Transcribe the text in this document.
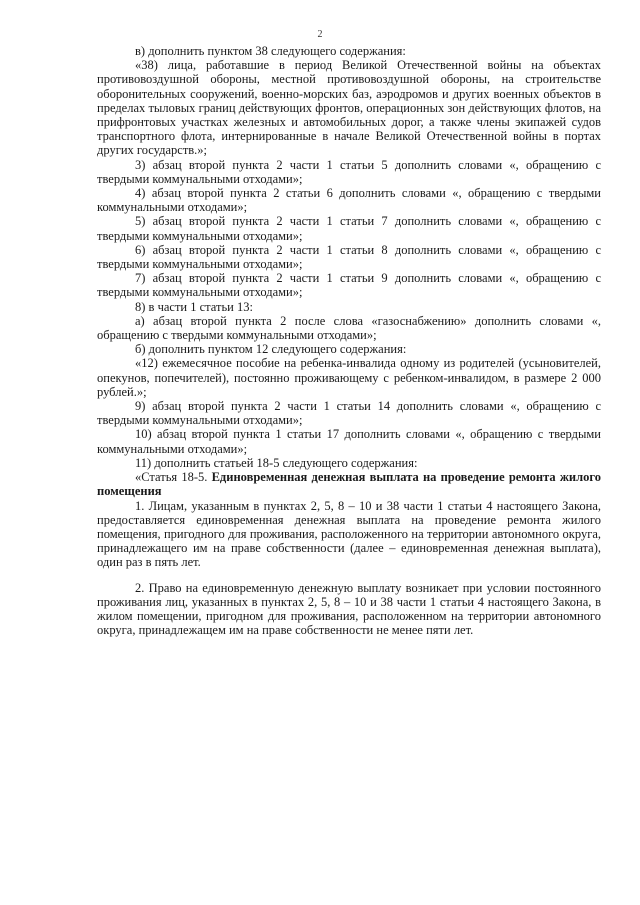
2

в) дополнить пунктом 38 следующего содержания:

«38) лица, работавшие в период Великой Отечественной войны на объектах противовоздушной обороны, местной противовоздушной обороны, на строительстве оборонительных сооружений, военно-морских баз, аэродромов и других военных объектов в пределах тыловых границ действующих фронтов, операционных зон действующих флотов, на прифронтовых участках железных и автомобильных дорог, а также члены экипажей судов транспортного флота, интернированные в начале Великой Отечественной войны в портах других государств.»;

3) абзац второй пункта 2 части 1 статьи 5 дополнить словами «, обращению с твердыми коммунальными отходами»;

4) абзац второй пункта 2 статьи 6 дополнить словами «, обращению с твердыми коммунальными отходами»;

5) абзац второй пункта 2 части 1 статьи 7 дополнить словами «, обращению с твердыми коммунальными отходами»;

6) абзац второй пункта 2 части 1 статьи 8 дополнить словами «, обращению с твердыми коммунальными отходами»;

7) абзац второй пункта 2 части 1 статьи 9 дополнить словами «, обращению с твердыми коммунальными отходами»;

8) в части 1 статьи 13:

а) абзац второй пункта 2 после слова «газоснабжению» дополнить словами «, обращению с твердыми коммунальными отходами»;

б) дополнить пунктом 12 следующего содержания:

«12) ежемесячное пособие на ребенка-инвалида одному из родителей (усыновителей, опекунов, попечителей), постоянно проживающему с ребенком-инвалидом, в размере 2 000 рублей.»;

9) абзац второй пункта 2 части 1 статьи 14 дополнить словами «, обращению с твердыми коммунальными отходами»;

10) абзац второй пункта 1 статьи 17 дополнить словами «, обращению с твердыми коммунальными отходами»;

11) дополнить статьей 18-5 следующего содержания:

«Статья 18-5. Единовременная денежная выплата на проведение ремонта жилого помещения

1. Лицам, указанным в пунктах 2, 5, 8 – 10 и 38 части 1 статьи 4 настоящего Закона, предоставляется единовременная денежная выплата на проведение ремонта жилого помещения, пригодного для проживания, расположенного на территории автономного округа, принадлежащего им на праве собственности (далее – единовременная денежная выплата), один раз в пять лет.

2. Право на единовременную денежную выплату возникает при условии постоянного проживания лиц, указанных в пунктах 2, 5, 8 – 10 и 38 части 1 статьи 4 настоящего Закона, в жилом помещении, пригодном для проживания, расположенном на территории автономного округа, принадлежащем им на праве собственности не менее пяти лет.
